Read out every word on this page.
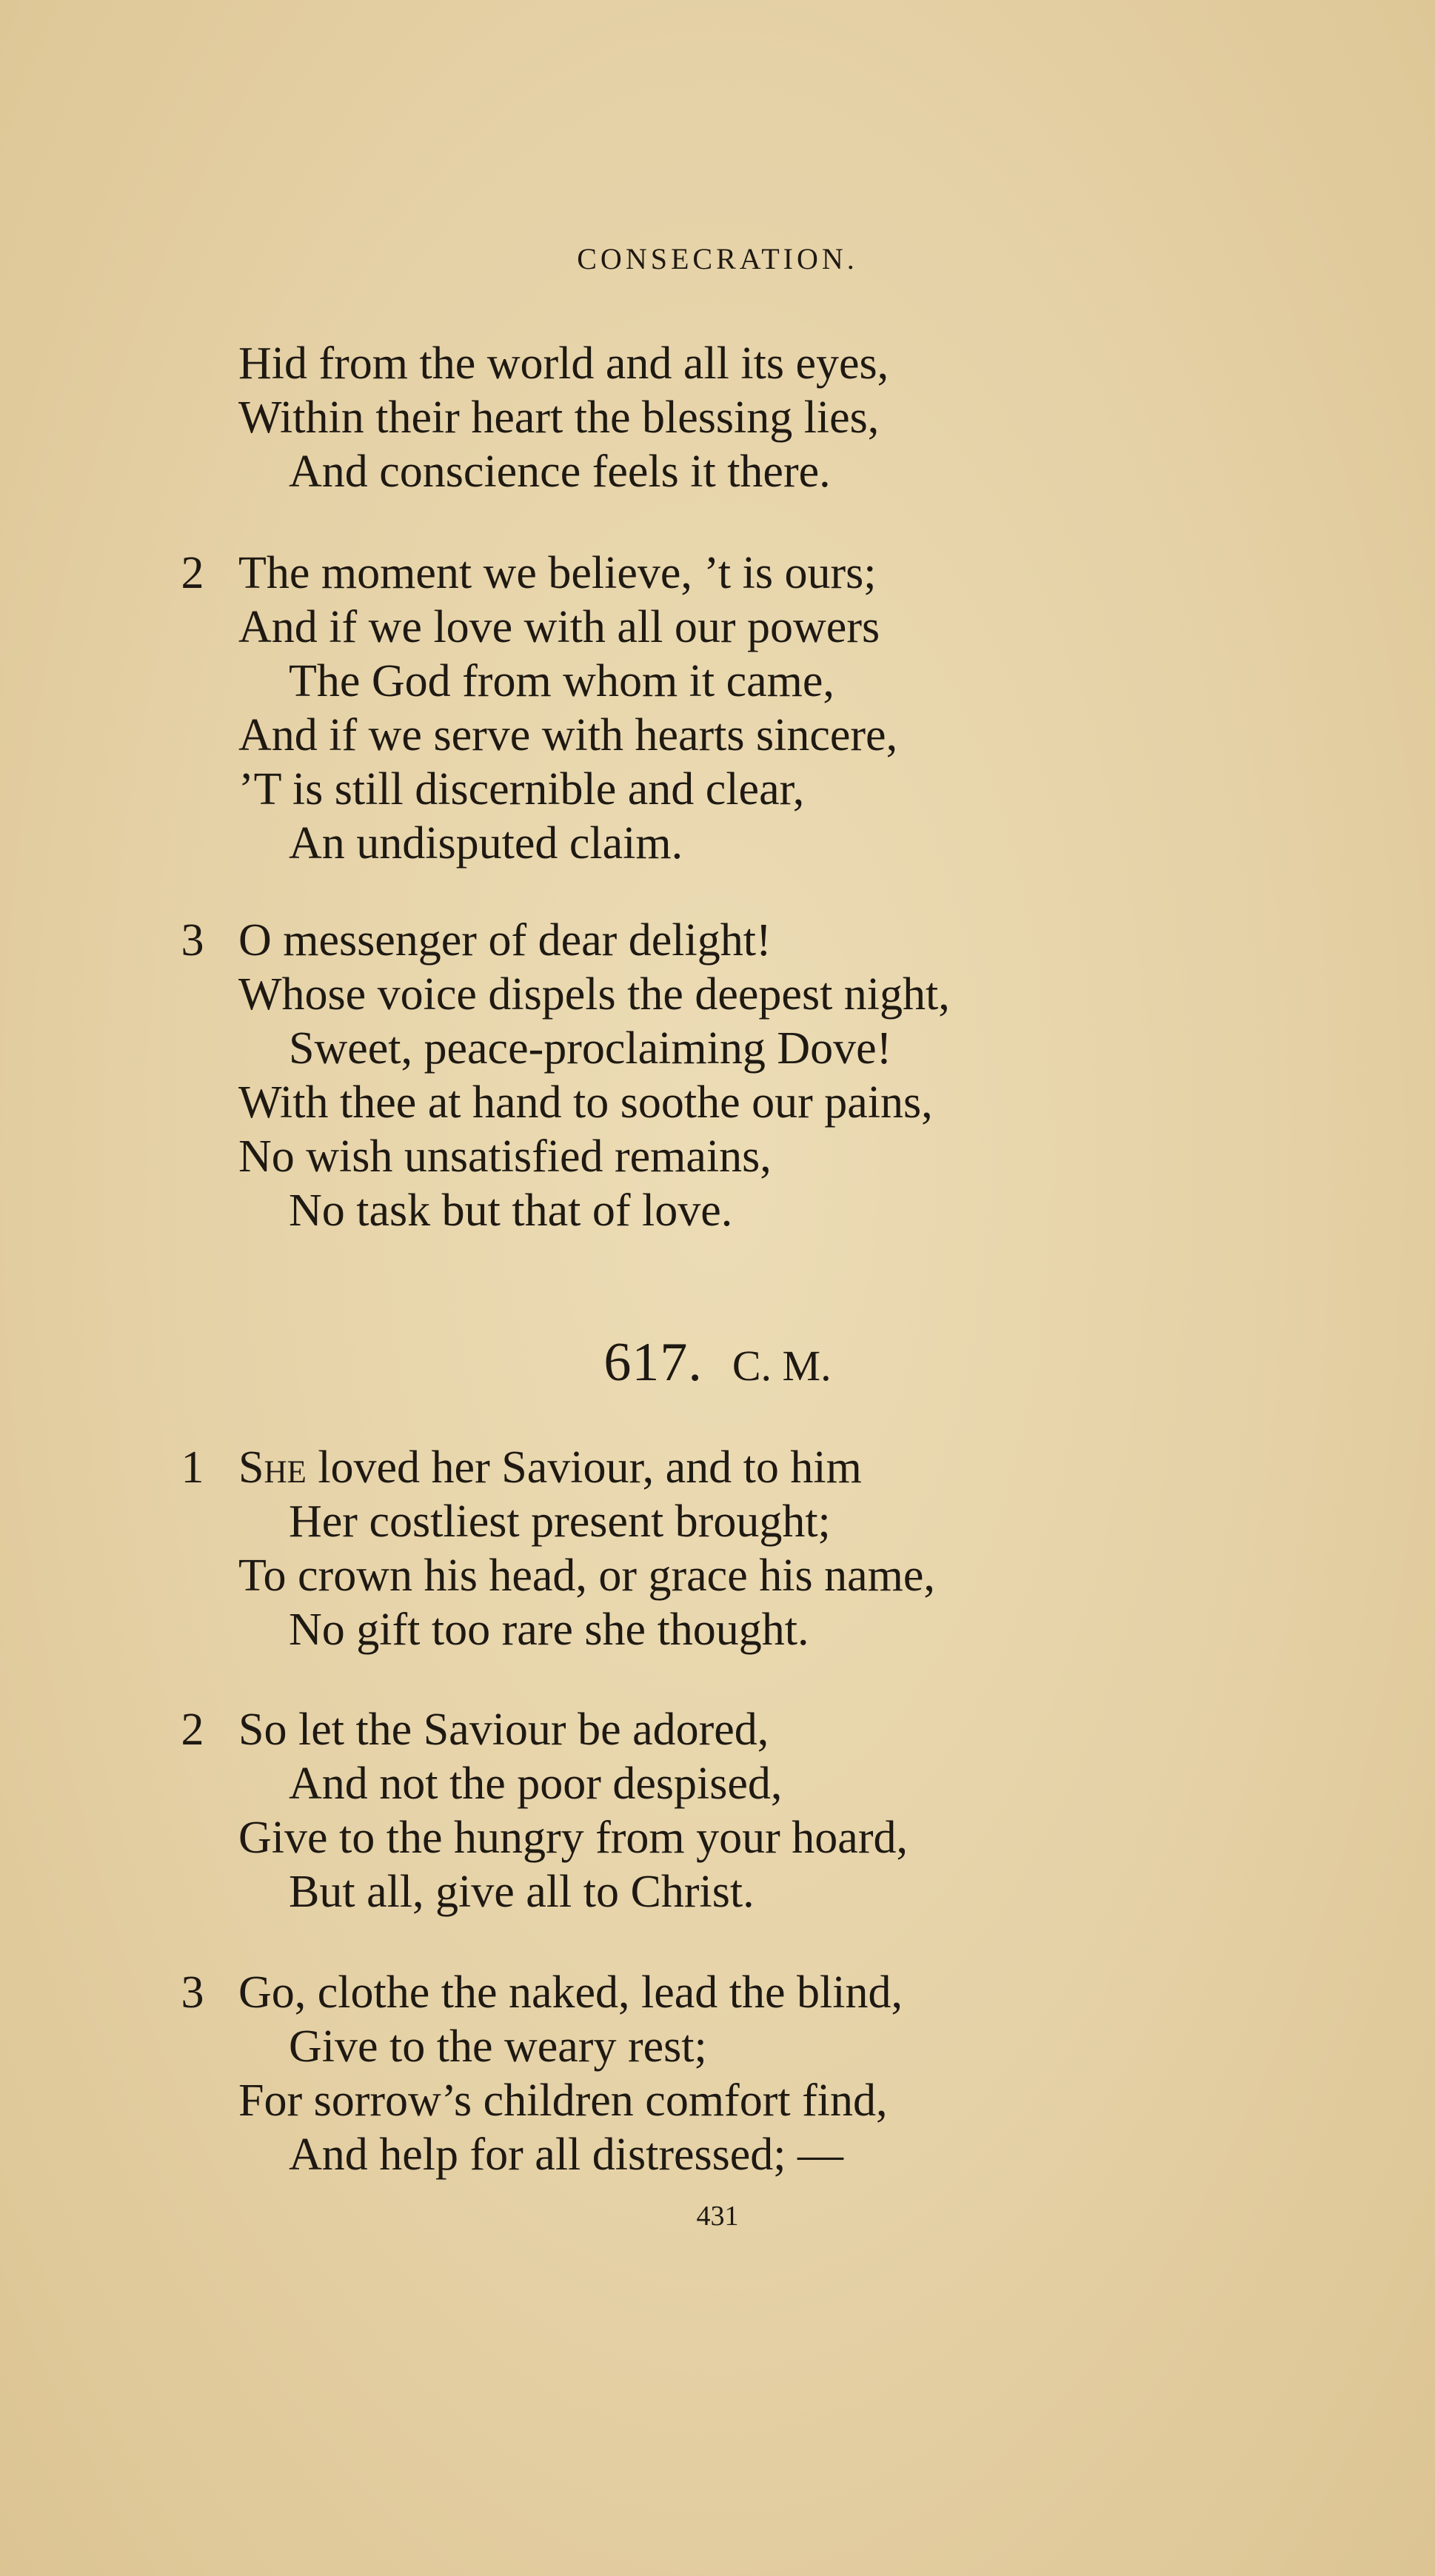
CONSECRATION.
Hid from the world and all its eyes,
Within their heart the blessing lies,
And conscience feels it there.
2 The moment we believe, ’t is ours;
And if we love with all our powers
The God from whom it came,
And if we serve with hearts sincere,
’T is still discernible and clear,
An undisputed claim.
3 O messenger of dear delight!
Whose voice dispels the deepest night,
Sweet, peace-proclaiming Dove!
With thee at hand to soothe our pains,
No wish unsatisfied remains,
No task but that of love.
617. C. M.
1 She loved her Saviour, and to him
Her costliest present brought;
To crown his head, or grace his name,
No gift too rare she thought.
2 So let the Saviour be adored,
And not the poor despised,
Give to the hungry from your hoard,
But all, give all to Christ.
3 Go, clothe the naked, lead the blind,
Give to the weary rest;
For sorrow’s children comfort find,
And help for all distressed; —
431
